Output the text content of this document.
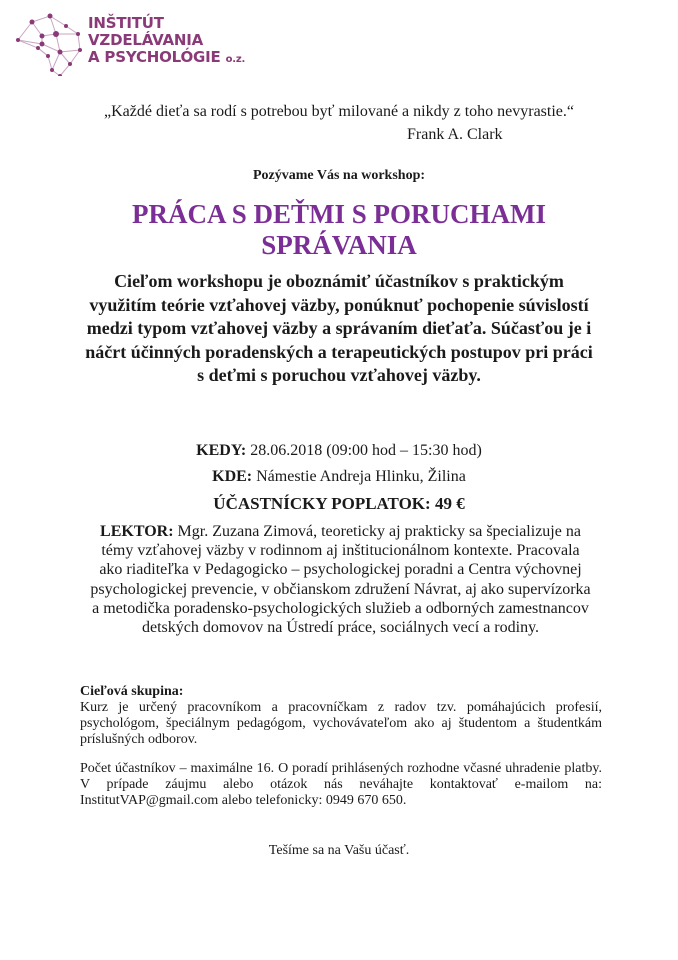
INŠTITÚT
VZDELÁVANIA
A PSYCHOLÓGIE o.z.
„Každé dieťa sa rodí s potrebou byť milované a nikdy z toho nevyrastie.“
Frank A. Clark
Pozývame Vás na workshop:
PRÁCA S DEŤMI S PORUCHAMI
SPRÁVANIA
Cieľom workshopu je oboznámiť účastníkov s praktickým využitím teórie vzťahovej väzby, ponúknuť pochopenie súvislostí medzi typom vzťahovej väzby a správaním dieťaťa. Súčasťou je i náčrt účinných poradenských a terapeutických postupov pri práci s deťmi s poruchou vzťahovej väzby.
KEDY: 28.06.2018 (09:00 hod – 15:30 hod)
KDE: Námestie Andreja Hlinku, Žilina
ÚČASTNÍCKY POPLATOK: 49 €
LEKTOR: Mgr. Zuzana Zimová, teoreticky aj prakticky sa špecializuje na témy vzťahovej väzby v rodinnom aj inštitucionálnom kontexte. Pracovala ako riaditeľka v Pedagogicko – psychologickej poradni a Centra výchovnej psychologickej prevencie, v občianskom združení Návrat, aj ako supervízorka a metodička poradensko-psychologických služieb a odborných zamestnancov detských domovov na Ústredí práce, sociálnych vecí a rodiny.
Cieľová skupina:
Kurz je určený pracovníkom a pracovníčkam z radov tzv. pomáhajúcich profesií, psychológom, špeciálnym pedagógom, vychovávateľom ako aj študentom a študentkám príslušných odborov.
Počet účastníkov – maximálne 16. O poradí prihlásených rozhodne včasné uhradenie platby. V prípade záujmu alebo otázok nás neváhajte kontaktovať e-mailom na: InstitutVAP@gmail.com alebo telefonicky: 0949 670 650.
Tešíme sa na Vašu účasť.
